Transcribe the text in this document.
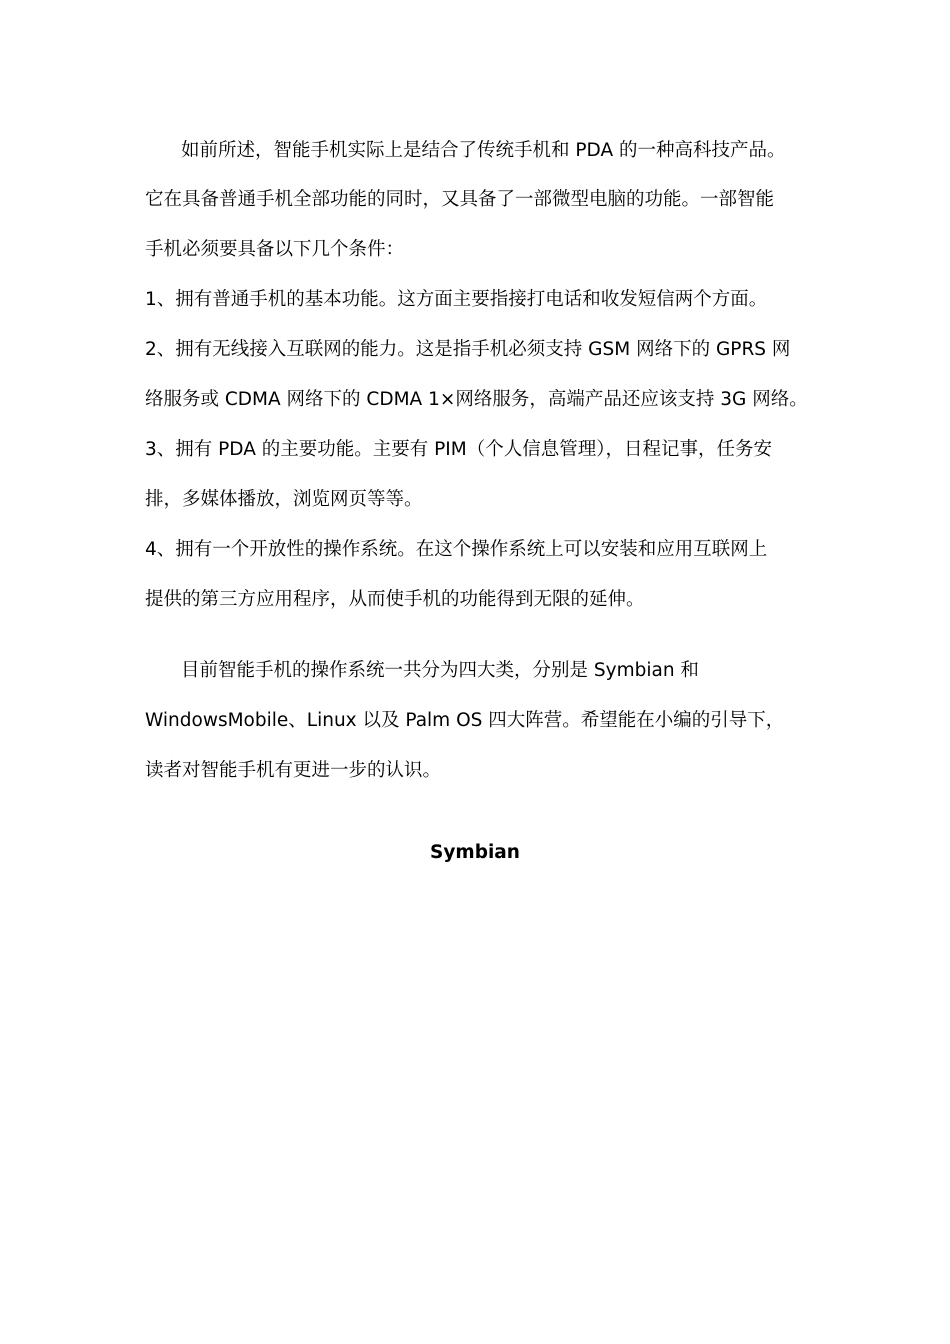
如前所述，智能手机实际上是结合了传统手机和 PDA 的一种高科技产品。
它在具备普通手机全部功能的同时，又具备了一部微型电脑的功能。一部智能
手机必须要具备以下几个条件：
1、拥有普通手机的基本功能。这方面主要指接打电话和收发短信两个方面。
2、拥有无线接入互联网的能力。这是指手机必须支持 GSM 网络下的 GPRS 网
络服务或 CDMA 网络下的 CDMA 1×网络服务，高端产品还应该支持 3G 网络。
3、拥有 PDA 的主要功能。主要有 PIM（个人信息管理），日程记事，任务安
排，多媒体播放，浏览网页等等。
4、拥有一个开放性的操作系统。在这个操作系统上可以安装和应用互联网上
提供的第三方应用程序，从而使手机的功能得到无限的延伸。
目前智能手机的操作系统一共分为四大类，分别是 Symbian 和
WindowsMobile、Linux 以及 Palm OS 四大阵营。希望能在小编的引导下，
读者对智能手机有更进一步的认识。
Symbian
